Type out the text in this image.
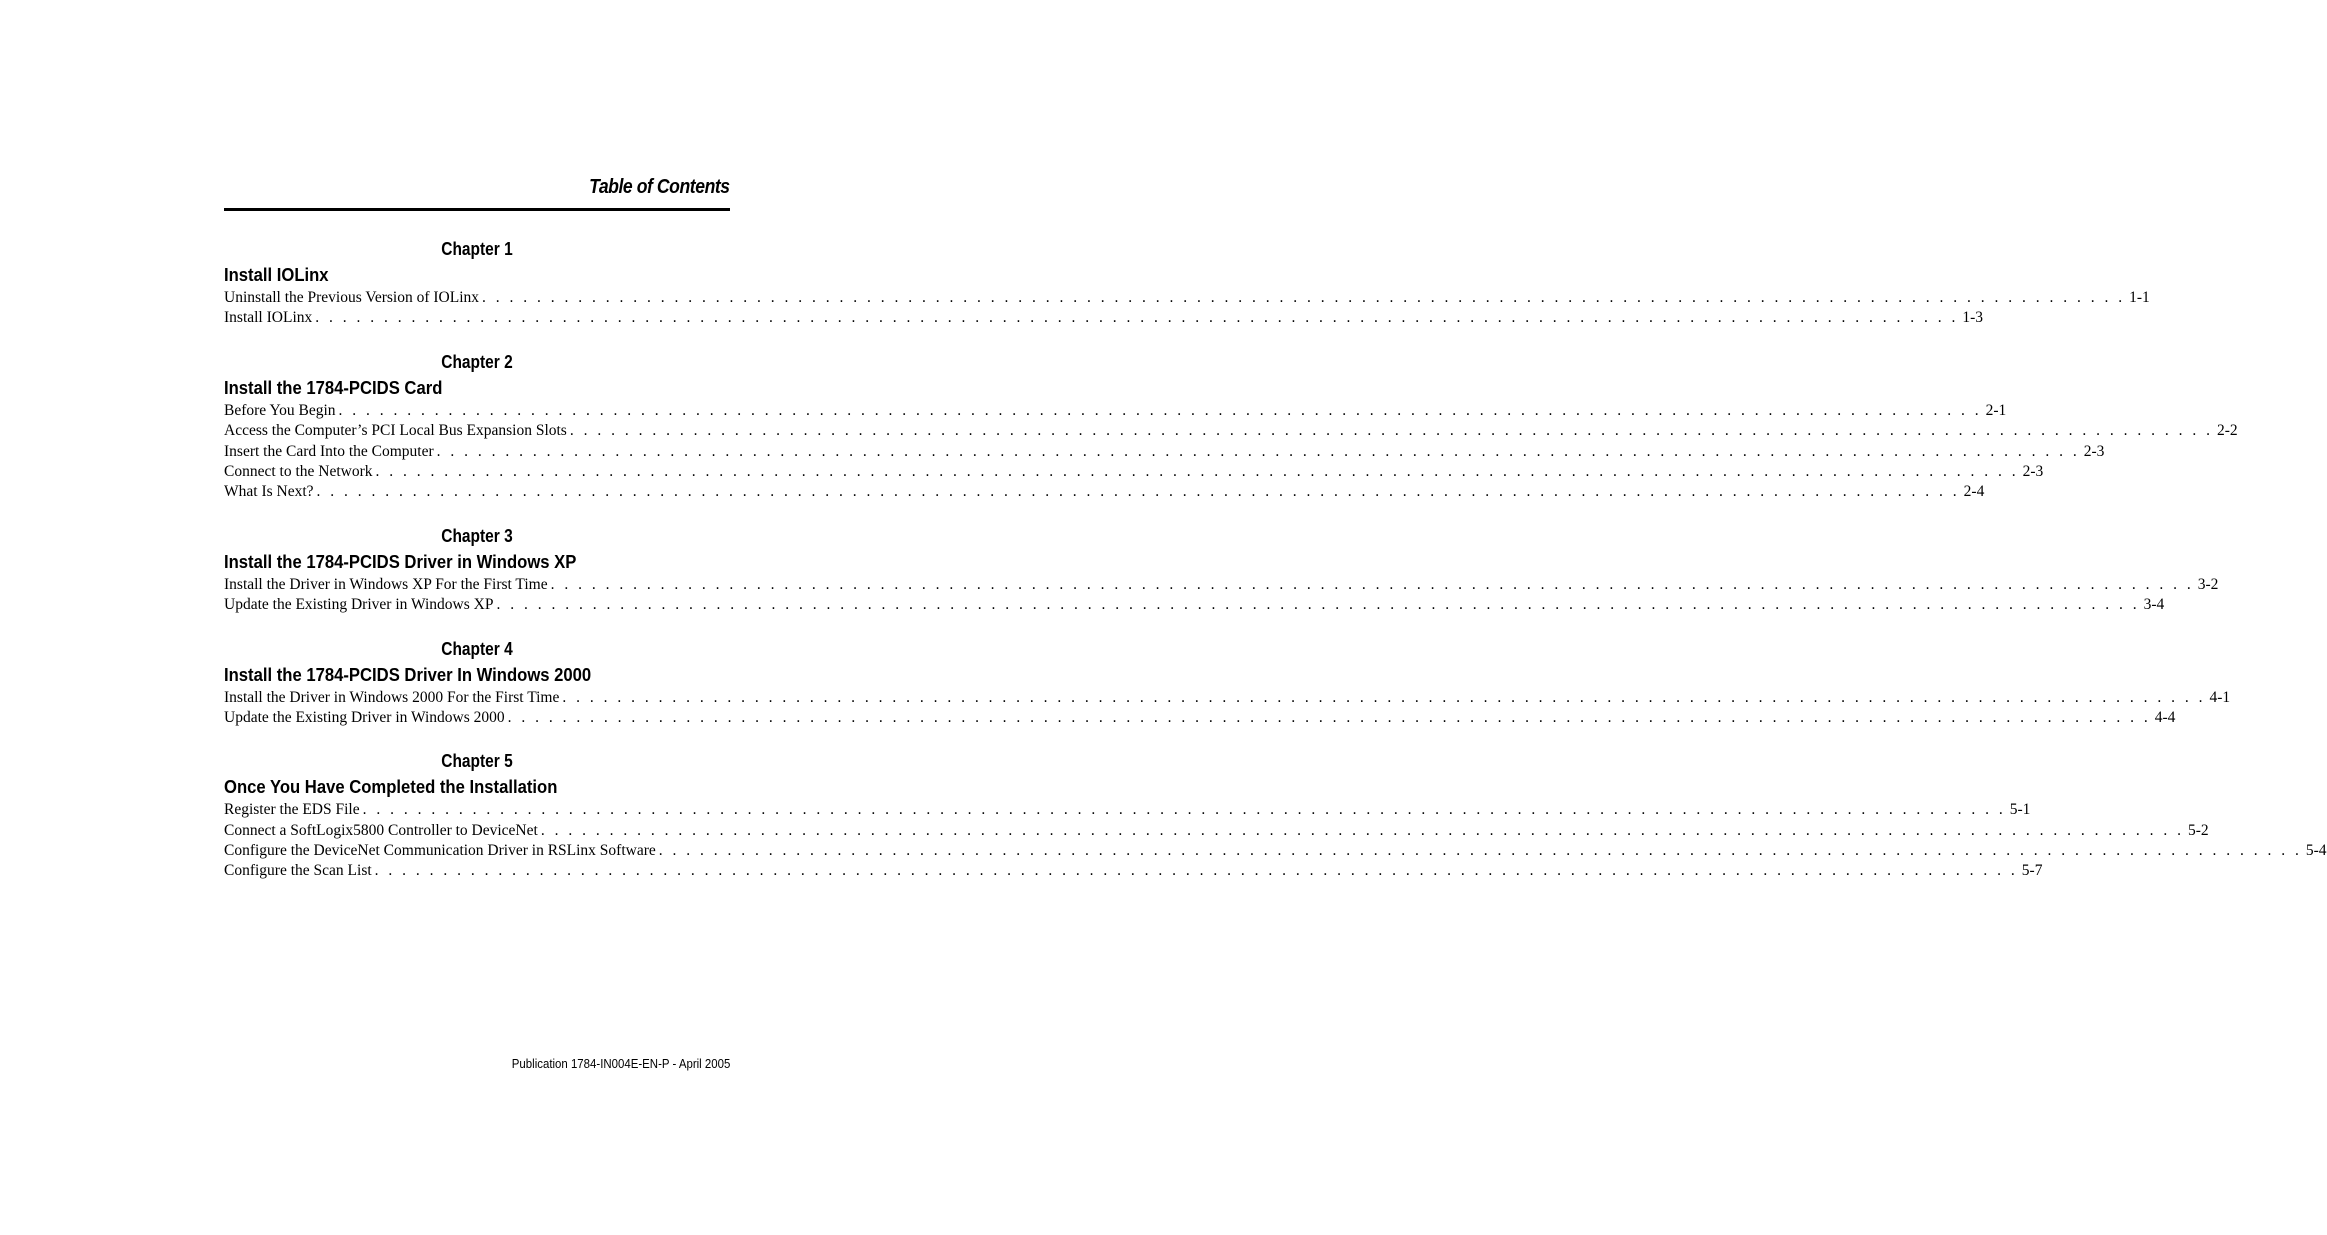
Table of Contents
Chapter 1
Install IOLinx
Uninstall the Previous Version of IOLinx . . . . . . . . . . . . . . . . . . . . . . . . . . . . . . . . . . . . . . . . . . . . . . . . . . . . . . . . . . . . . . . . . . . . . . . . . . . . . . . . . . . . . . . . . . . . . . . . . . . . . . . . . . . . . . . . . . . . . . . . 1-1
Install IOLinx . . . . . . . . . . . . . . . . . . . . . . . . . . . . . . . . . . . . . . . . . . . . . . . . . . . . . . . . . . . . . . . . . . . . . . . . . . . . . . . . . . . . . . . . . . . . . . . . . . . . . . . . . . . . . . . . . . . . . . . . 1-3
Chapter 2
Install the 1784-PCIDS Card
Before You Begin . . . . . . . . . . . . . . . . . . . . . . . . . . . . . . . . . . . . . . . . . . . . . . . . . . . . . . . . . . . . . . . . . . . . . . . . . . . . . . . . . . . . . . . . . . . . . . . . . . . . . . . . . . . . . . . . . . . . . . . . 2-1
Access the Computer’s PCI Local Bus Expansion Slots . . . . . . . . . . . . . . . . . . . . . . . . . . . . . . . . . . . . . . . . . . . . . . . . . . . . . . . . . . . . . . . . . . . . . . . . . . . . . . . . . . . . . . . . . . . . . . . . . . . . . . . . . . . . . . . . . . . . . . . . 2-2
Insert the Card Into the Computer . . . . . . . . . . . . . . . . . . . . . . . . . . . . . . . . . . . . . . . . . . . . . . . . . . . . . . . . . . . . . . . . . . . . . . . . . . . . . . . . . . . . . . . . . . . . . . . . . . . . . . . . . . . . . . . . . . . . . . . . 2-3
Connect to the Network . . . . . . . . . . . . . . . . . . . . . . . . . . . . . . . . . . . . . . . . . . . . . . . . . . . . . . . . . . . . . . . . . . . . . . . . . . . . . . . . . . . . . . . . . . . . . . . . . . . . . . . . . . . . . . . . . . . . . . . . 2-3
What Is Next? . . . . . . . . . . . . . . . . . . . . . . . . . . . . . . . . . . . . . . . . . . . . . . . . . . . . . . . . . . . . . . . . . . . . . . . . . . . . . . . . . . . . . . . . . . . . . . . . . . . . . . . . . . . . . . . . . . . . . . . . 2-4
Chapter 3
Install the 1784-PCIDS Driver in Windows XP
Install the Driver in Windows XP For the First Time . . . . . . . . . . . . . . . . . . . . . . . . . . . . . . . . . . . . . . . . . . . . . . . . . . . . . . . . . . . . . . . . . . . . . . . . . . . . . . . . . . . . . . . . . . . . . . . . . . . . . . . . . . . . . . . . . . . . . . . . 3-2
Update the Existing Driver in Windows XP . . . . . . . . . . . . . . . . . . . . . . . . . . . . . . . . . . . . . . . . . . . . . . . . . . . . . . . . . . . . . . . . . . . . . . . . . . . . . . . . . . . . . . . . . . . . . . . . . . . . . . . . . . . . . . . . . . . . . . . . 3-4
Chapter 4
Install the 1784-PCIDS Driver In Windows 2000
Install the Driver in Windows 2000 For the First Time . . . . . . . . . . . . . . . . . . . . . . . . . . . . . . . . . . . . . . . . . . . . . . . . . . . . . . . . . . . . . . . . . . . . . . . . . . . . . . . . . . . . . . . . . . . . . . . . . . . . . . . . . . . . . . . . . . . . . . . . 4-1
Update the Existing Driver in Windows 2000 . . . . . . . . . . . . . . . . . . . . . . . . . . . . . . . . . . . . . . . . . . . . . . . . . . . . . . . . . . . . . . . . . . . . . . . . . . . . . . . . . . . . . . . . . . . . . . . . . . . . . . . . . . . . . . . . . . . . . . . . 4-4
Chapter 5
Once You Have Completed the Installation
Register the EDS File . . . . . . . . . . . . . . . . . . . . . . . . . . . . . . . . . . . . . . . . . . . . . . . . . . . . . . . . . . . . . . . . . . . . . . . . . . . . . . . . . . . . . . . . . . . . . . . . . . . . . . . . . . . . . . . . . . . . . . . . 5-1
Connect a SoftLogix5800 Controller to DeviceNet . . . . . . . . . . . . . . . . . . . . . . . . . . . . . . . . . . . . . . . . . . . . . . . . . . . . . . . . . . . . . . . . . . . . . . . . . . . . . . . . . . . . . . . . . . . . . . . . . . . . . . . . . . . . . . . . . . . . . . . . 5-2
Configure the DeviceNet Communication Driver in RSLinx Software . . . . . . . . . . . . . . . . . . . . . . . . . . . . . . . . . . . . . . . . . . . . . . . . . . . . . . . . . . . . . . . . . . . . . . . . . . . . . . . . . . . . . . . . . . . . . . . . . . . . . . . . . . . . . . . . . . . . . . . . 5-4
Configure the Scan List . . . . . . . . . . . . . . . . . . . . . . . . . . . . . . . . . . . . . . . . . . . . . . . . . . . . . . . . . . . . . . . . . . . . . . . . . . . . . . . . . . . . . . . . . . . . . . . . . . . . . . . . . . . . . . . . . . . . . . . . 5-7
Publication 1784-IN004E-EN-P - April 2005
